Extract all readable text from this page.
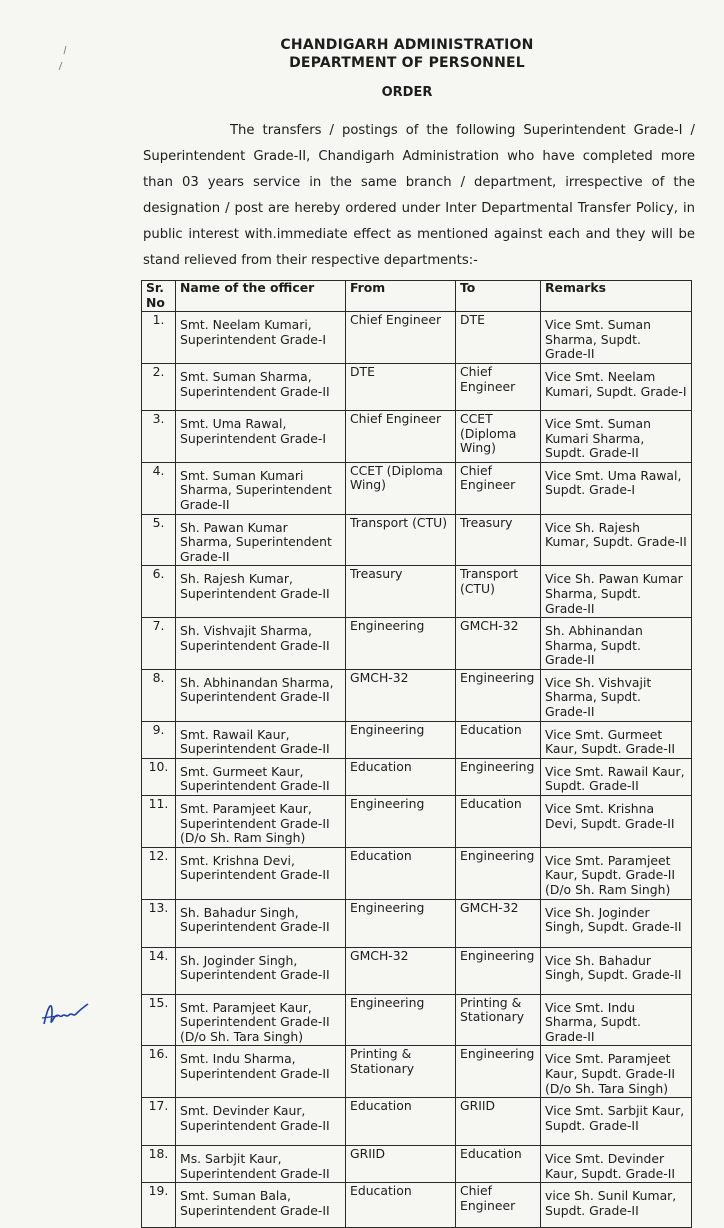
CHANDIGARH ADMINISTRATION
DEPARTMENT OF PERSONNEL
ORDER
The transfers / postings of the following Superintendent Grade-I / Superintendent Grade-II, Chandigarh Administration who have completed more than 03 years service in the same branch / department, irrespective of the designation / post are hereby ordered under Inter Departmental Transfer Policy, in public interest with.immediate effect as mentioned against each and they will be stand relieved from their respective departments:-
Sr. No	Name of the officer	From	To	Remarks
1.	Smt. Neelam Kumari, Superintendent Grade-I	Chief Engineer	DTE	Vice Smt. Suman Sharma, Supdt. Grade-II
2.	Smt. Suman Sharma, Superintendent Grade-II	DTE	Chief Engineer	Vice Smt. Neelam Kumari, Supdt. Grade-I
3.	Smt. Uma Rawal, Superintendent Grade-I	Chief Engineer	CCET (Diploma Wing)	Vice Smt. Suman Kumari Sharma, Supdt. Grade-II
4.	Smt. Suman Kumari Sharma, Superintendent Grade-II	CCET (Diploma Wing)	Chief Engineer	Vice Smt. Uma Rawal, Supdt. Grade-I
5.	Sh. Pawan Kumar Sharma, Superintendent Grade-II	Transport (CTU)	Treasury	Vice Sh. Rajesh Kumar, Supdt. Grade-II
6.	Sh. Rajesh Kumar, Superintendent Grade-II	Treasury	Transport (CTU)	Vice Sh. Pawan Kumar Sharma, Supdt. Grade-II
7.	Sh. Vishvajit Sharma, Superintendent Grade-II	Engineering	GMCH-32	Sh. Abhinandan Sharma, Supdt. Grade-II
8.	Sh. Abhinandan Sharma, Superintendent Grade-II	GMCH-32	Engineering	Vice Sh. Vishvajit Sharma, Supdt. Grade-II
9.	Smt. Rawail Kaur, Superintendent Grade-II	Engineering	Education	Vice Smt. Gurmeet Kaur, Supdt. Grade-II
10.	Smt. Gurmeet Kaur, Superintendent Grade-II	Education	Engineering	Vice Smt. Rawail Kaur, Supdt. Grade-II
11.	Smt. Paramjeet Kaur, Superintendent Grade-II (D/o Sh. Ram Singh)	Engineering	Education	Vice Smt. Krishna Devi, Supdt. Grade-II
12.	Smt. Krishna Devi, Superintendent Grade-II	Education	Engineering	Vice Smt. Paramjeet Kaur, Supdt. Grade-II (D/o Sh. Ram Singh)
13.	Sh. Bahadur Singh, Superintendent Grade-II	Engineering	GMCH-32	Vice Sh. Joginder Singh, Supdt. Grade-II
14.	Sh. Joginder Singh, Superintendent Grade-II	GMCH-32	Engineering	Vice Sh. Bahadur Singh, Supdt. Grade-II
15.	Smt. Paramjeet Kaur, Superintendent Grade-II (D/o Sh. Tara Singh)	Engineering	Printing & Stationary	Vice Smt. Indu Sharma, Supdt. Grade-II
16.	Smt. Indu Sharma, Superintendent Grade-II	Printing & Stationary	Engineering	Vice Smt. Paramjeet Kaur, Supdt. Grade-II (D/o Sh. Tara Singh)
17.	Smt. Devinder Kaur, Superintendent Grade-II	Education	GRIID	Vice Smt. Sarbjit Kaur, Supdt. Grade-II
18.	Ms. Sarbjit Kaur, Superintendent Grade-II	GRIID	Education	Vice Smt. Devinder Kaur, Supdt. Grade-II
19.	Smt. Suman Bala, Superintendent Grade-II	Education	Chief Engineer	vice Sh. Sunil Kumar, Supdt. Grade-II
